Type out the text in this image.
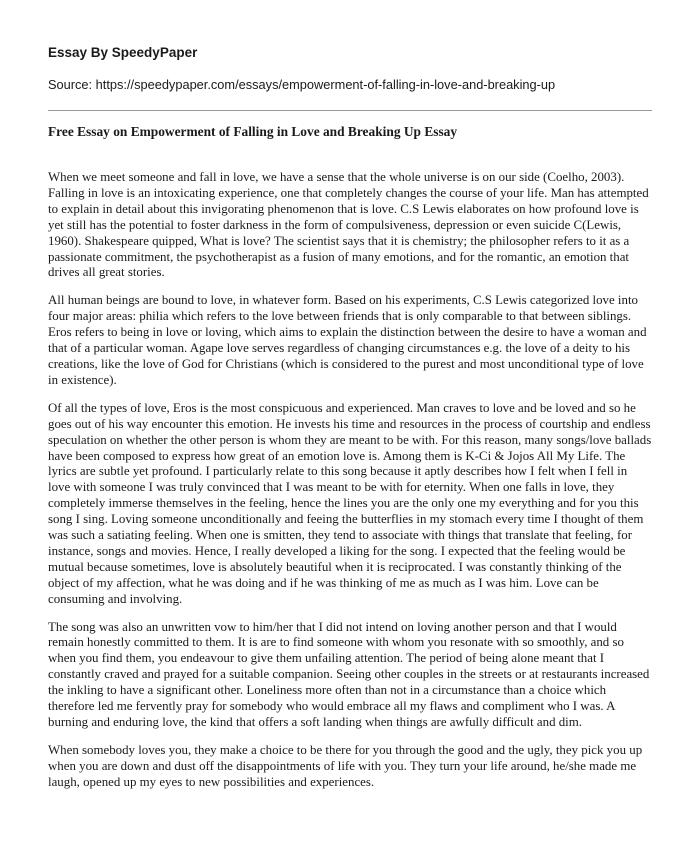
Essay By SpeedyPaper
Source: https://speedypaper.com/essays/empowerment-of-falling-in-love-and-breaking-up
Free Essay on Empowerment of Falling in Love and Breaking Up Essay

When we meet someone and fall in love, we have a sense that the whole universe is on our side (Coelho, 2003). Falling in love is an intoxicating experience, one that completely changes the course of your life. Man has attempted to explain in detail about this invigorating phenomenon that is love. C.S Lewis elaborates on how profound love is yet still has the potential to foster darkness in the form of compulsiveness, depression or even suicide C(Lewis, 1960). Shakespeare quipped, What is love? The scientist says that it is chemistry; the philosopher refers to it as a passionate commitment, the psychotherapist as a fusion of many emotions, and for the romantic, an emotion that drives all great stories.

All human beings are bound to love, in whatever form. Based on his experiments, C.S Lewis categorized love into four major areas: philia which refers to the love between friends that is only comparable to that between siblings. Eros refers to being in love or loving, which aims to explain the distinction between the desire to have a woman and that of a particular woman. Agape love serves regardless of changing circumstances e.g. the love of a deity to his creations, like the love of God for Christians (which is considered to the purest and most unconditional type of love in existence).

Of all the types of love, Eros is the most conspicuous and experienced. Man craves to love and be loved and so he goes out of his way encounter this emotion. He invests his time and resources in the process of courtship and endless speculation on whether the other person is whom they are meant to be with. For this reason, many songs/love ballads have been composed to express how great of an emotion love is. Among them is K-Ci & Jojos All My Life. The lyrics are subtle yet profound. I particularly relate to this song because it aptly describes how I felt when I fell in love with someone I was truly convinced that I was meant to be with for eternity. When one falls in love, they completely immerse themselves in the feeling, hence the lines you are the only one my everything and for you this song I sing. Loving someone unconditionally and feeing the butterflies in my stomach every time I thought of them was such a satiating feeling. When one is smitten, they tend to associate with things that translate that feeling, for instance, songs and movies. Hence, I really developed a liking for the song. I expected that the feeling would be mutual because sometimes, love is absolutely beautiful when it is reciprocated. I was constantly thinking of the object of my affection, what he was doing and if he was thinking of me as much as I was him. Love can be consuming and involving.

The song was also an unwritten vow to him/her that I did not intend on loving another person and that I would remain honestly committed to them. It is are to find someone with whom you resonate with so smoothly, and so when you find them, you endeavour to give them unfailing attention. The period of being alone meant that I constantly craved and prayed for a suitable companion. Seeing other couples in the streets or at restaurants increased the inkling to have a significant other. Loneliness more often than not in a circumstance than a choice which therefore led me fervently pray for somebody who would embrace all my flaws and compliment who I was. A burning and enduring love, the kind that offers a soft landing when things are awfully difficult and dim.

When somebody loves you, they make a choice to be there for you through the good and the ugly, they pick you up when you are down and dust off the disappointments of life with you. They turn your life around, he/she made me laugh, opened up my eyes to new possibilities and experiences.
